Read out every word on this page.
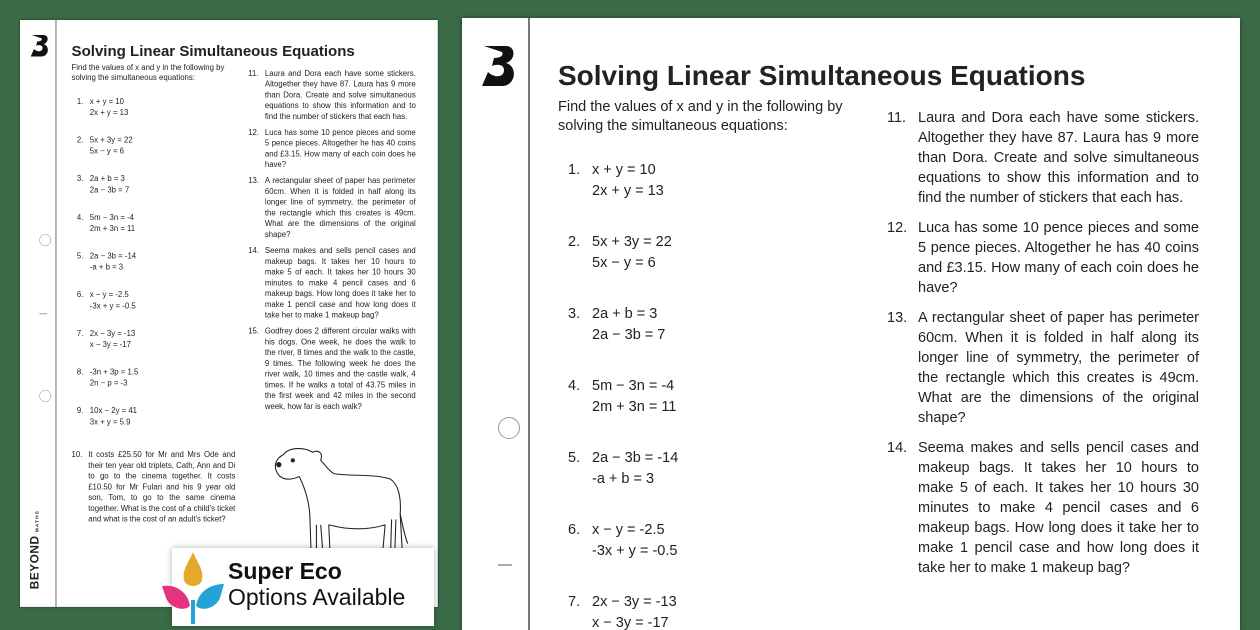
Solving Linear Simultaneous Equations
Find the values of x and y in the following by solving the simultaneous equations:
1. x + y = 10
2x + y = 13
2. 5x + 3y = 22
5x − y = 6
3. 2a + b = 3
2a − 3b = 7
4. 5m − 3n = -4
2m + 3n = 11
5. 2a − 3b = -14
-a + b = 3
6. x − y = -2.5
-3x + y = -0.5
7. 2x − 3y = -13
x − 3y = -17
8. -3n + 3p = 1.5
2n − p = -3
9. 10x − 2y = 41
3x + y = 5.9
11. Laura and Dora each have some stickers. Altogether they have 87. Laura has 9 more than Dora. Create and solve simultaneous equations to show this information and to find the number of stickers that each has.
12. Luca has some 10 pence pieces and some 5 pence pieces. Altogether he has 40 coins and £3.15. How many of each coin does he have?
13. A rectangular sheet of paper has perimeter 60cm. When it is folded in half along its longer line of symmetry, the perimeter of the rectangle which this creates is 49cm. What are the dimensions of the original shape?
14. Seema makes and sells pencil cases and makeup bags. It takes her 10 hours to make 5 of each. It takes her 10 hours 30 minutes to make 4 pencil cases and 6 makeup bags. How long does it take her to make 1 pencil case and how long does it take her to make 1 makeup bag?
15. Godfrey does 2 different circular walks with his dogs. One week, he does the walk to the river, 8 times and the walk to the castle, 9 times. The following week he does the river walk, 10 times and the castle walk, 4 times. If he walks a total of 43.75 miles in the first week and 42 miles in the second week, how far is each walk?
10. It costs £25.50 for Mr and Mrs Ode and their ten year old triplets, Cath, Ann and Di to go to the cinema together. It costs £10.50 for Mr Fulari and his 9 year old son, Tom, to go to the same cinema together. What is the cost of a child's ticket and what is the cost of an adult's ticket?
BEYONDMATHS
Solving Linear Simultaneous Equations
Find the values of x and y in the following by solving the simultaneous equations:
1. x + y = 10
2x + y = 13
2. 5x + 3y = 22
5x − y = 6
3. 2a + b = 3
2a − 3b = 7
4. 5m − 3n = -4
2m + 3n = 11
5. 2a − 3b = -14
-a + b = 3
6. x − y = -2.5
-3x + y = -0.5
7. 2x − 3y = -13
x − 3y = -17
11. Laura and Dora each have some stickers. Altogether they have 87. Laura has 9 more than Dora. Create and solve simultaneous equations to show this information and to find the number of stickers that each has.
12. Luca has some 10 pence pieces and some 5 pence pieces. Altogether he has 40 coins and £3.15. How many of each coin does he have?
13. A rectangular sheet of paper has perimeter 60cm. When it is folded in half along its longer line of symmetry, the perimeter of the rectangle which this creates is 49cm. What are the dimensions of the original shape?
14. Seema makes and sells pencil cases and makeup bags. It takes her 10 hours to make 5 of each. It takes her 10 hours 30 minutes to make 4 pencil cases and 6 makeup bags. How long does it take her to make 1 pencil case and how long does it take her to make 1 makeup bag?
Super Eco
Options Available
